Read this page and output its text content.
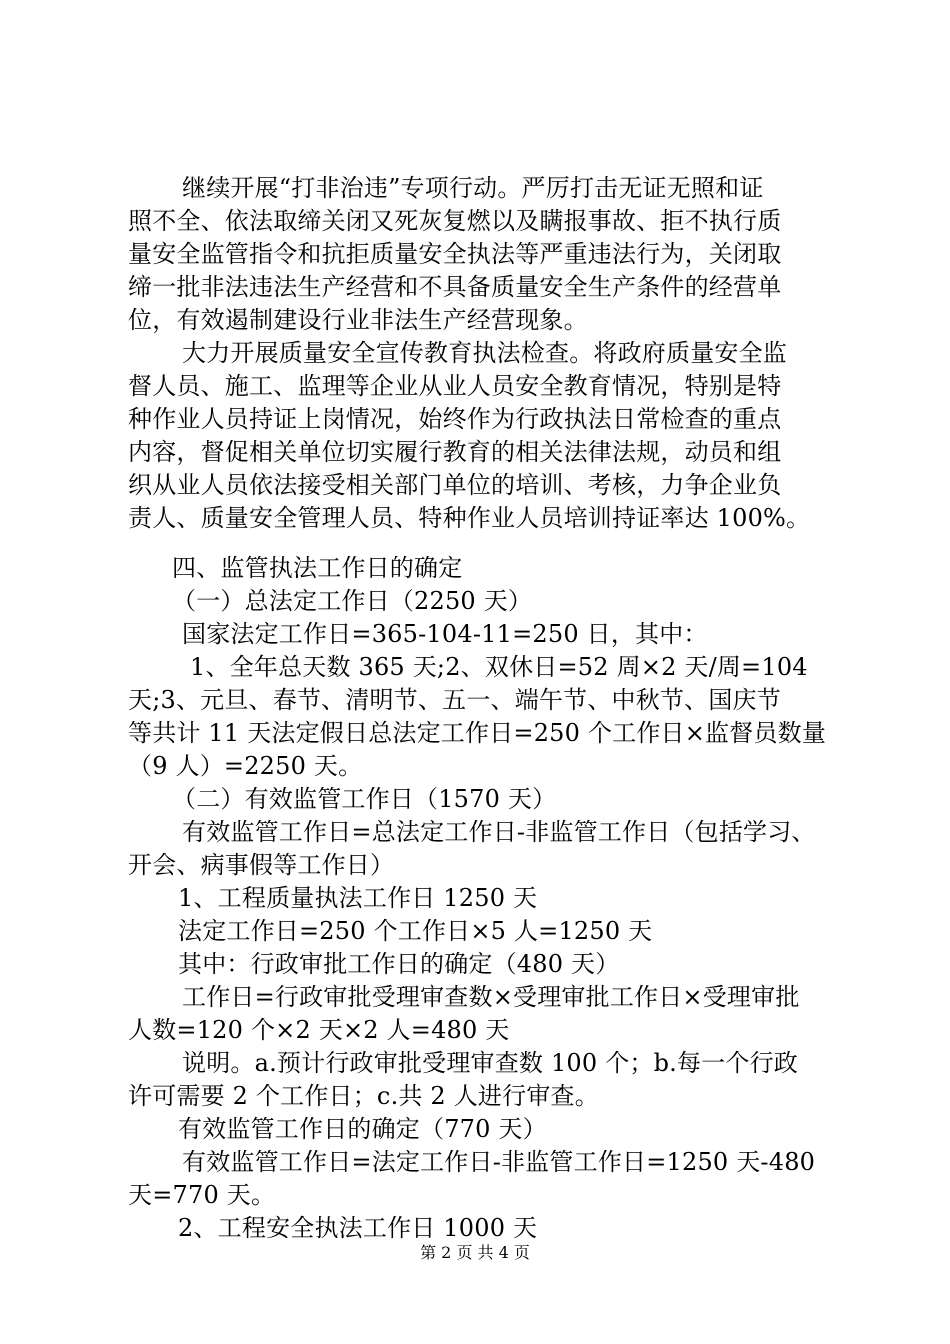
继续开展“打非治违”专项行动。严厉打击无证无照和证
照不全、依法取缔关闭又死灰复燃以及瞒报事故、拒不执行质
量安全监管指令和抗拒质量安全执法等严重违法行为，关闭取
缔一批非法违法生产经营和不具备质量安全生产条件的经营单
位，有效遏制建设行业非法生产经营现象。
大力开展质量安全宣传教育执法检查。将政府质量安全监
督人员、施工、监理等企业从业人员安全教育情况，特别是特
种作业人员持证上岗情况，始终作为行政执法日常检查的重点
内容，督促相关单位切实履行教育的相关法律法规，动员和组
织从业人员依法接受相关部门单位的培训、考核，力争企业负
责人、质量安全管理人员、特种作业人员培训持证率达 100%。
四、监管执法工作日的确定
（一）总法定工作日（2250 天）
国家法定工作日=365-104-11=250 日，其中：
1、全年总天数 365 天;2、双休日=52 周×2 天/周=104
天;3、元旦、春节、清明节、五一、端午节、中秋节、国庆节
等共计 11 天法定假日总法定工作日=250 个工作日×监督员数量
（9 人）=2250 天。
（二）有效监管工作日（1570 天）
有效监管工作日=总法定工作日-非监管工作日（包括学习、
开会、病事假等工作日）
1、工程质量执法工作日 1250 天
法定工作日=250 个工作日×5 人=1250 天
其中：行政审批工作日的确定（480 天）
工作日=行政审批受理审查数×受理审批工作日×受理审批
人数=120 个×2 天×2 人=480 天
说明。a.预计行政审批受理审查数 100 个；b.每一个行政
许可需要 2 个工作日；c.共 2 人进行审查。
有效监管工作日的确定（770 天）
有效监管工作日=法定工作日-非监管工作日=1250 天-480
天=770 天。
2、工程安全执法工作日 1000 天
第 2 页 共 4 页
